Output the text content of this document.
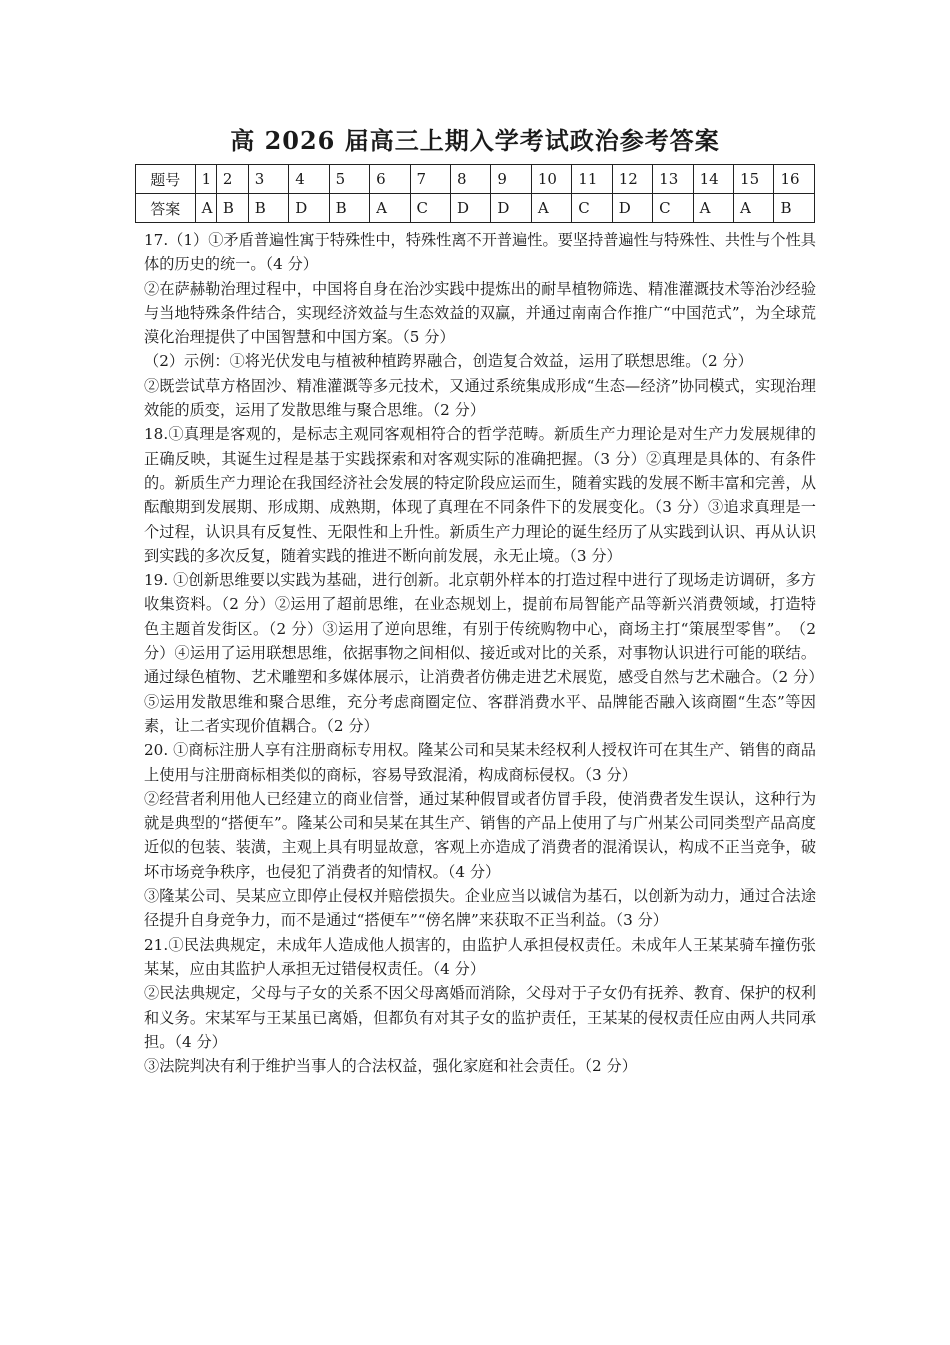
高 2026 届高三上期入学考试政治参考答案
题号	1	2	3	4	5	6	7	8	9	10	11	12	13	14	15	16
答案	A	B	B	D	B	A	C	D	D	A	C	D	C	A	A	B

17.（1）①矛盾普遍性寓于特殊性中，特殊性离不开普遍性。要坚持普遍性与特殊性、共性与个性具体的历史的统一。（4 分）

②在萨赫勒治理过程中，中国将自身在治沙实践中提炼出的耐旱植物筛选、精准灌溉技术等治沙经验与当地特殊条件结合，实现经济效益与生态效益的双赢，并通过南南合作推广“中国范式”，为全球荒漠化治理提供了中国智慧和中国方案。（5 分）

（2）示例：①将光伏发电与植被种植跨界融合，创造复合效益，运用了联想思维。（2 分）

②既尝试草方格固沙、精准灌溉等多元技术，又通过系统集成形成“生态—经济”协同模式，实现治理效能的质变，运用了发散思维与聚合思维。（2 分）

18.①真理是客观的，是标志主观同客观相符合的哲学范畴。新质生产力理论是对生产力发展规律的正确反映，其诞生过程是基于实践探索和对客观实际的准确把握。（3 分）②真理是具体的、有条件的。新质生产力理论在我国经济社会发展的特定阶段应运而生，随着实践的发展不断丰富和完善，从酝酿期到发展期、形成期、成熟期，体现了真理在不同条件下的发展变化。（3 分）③追求真理是一个过程，认识具有反复性、无限性和上升性。新质生产力理论的诞生经历了从实践到认识、再从认识到实践的多次反复，随着实践的推进不断向前发展，永无止境。（3 分）

19. ①创新思维要以实践为基础，进行创新。北京朝外样本的打造过程中进行了现场走访调研，多方收集资料。（2 分）②运用了超前思维，在业态规划上，提前布局智能产品等新兴消费领域，打造特色主题首发街区。（2 分）③运用了逆向思维，有别于传统购物中心，商场主打“策展型零售”。　（2 分）④运用了运用联想思维，依据事物之间相似、接近或对比的关系，对事物认识进行可能的联结。通过绿色植物、艺术雕塑和多媒体展示，让消费者仿佛走进艺术展览，感受自然与艺术融合。（2 分）⑤运用发散思维和聚合思维，充分考虑商圈定位、客群消费水平、品牌能否融入该商圈“生态”等因素，让二者实现价值耦合。（2 分）

20. ①商标注册人享有注册商标专用权。隆某公司和吴某未经权利人授权许可在其生产、销售的商品上使用与注册商标相类似的商标，容易导致混淆，构成商标侵权。（3 分）

②经营者利用他人已经建立的商业信誉，通过某种假冒或者仿冒手段，使消费者发生误认，这种行为就是典型的“搭便车”。隆某公司和吴某在其生产、销售的产品上使用了与广州某公司同类型产品高度近似的包装、装潢，主观上具有明显故意，客观上亦造成了消费者的混淆误认，构成不正当竞争，破坏市场竞争秩序，也侵犯了消费者的知情权。（4 分）

③隆某公司、吴某应立即停止侵权并赔偿损失。企业应当以诚信为基石，以创新为动力，通过合法途径提升自身竞争力，而不是通过“搭便车”“傍名牌”来获取不正当利益。（3 分）

21.①民法典规定，未成年人造成他人损害的，由监护人承担侵权责任。未成年人王某某骑车撞伤张某某，应由其监护人承担无过错侵权责任。（4 分）

②民法典规定，父母与子女的关系不因父母离婚而消除，父母对于子女仍有抚养、教育、保护的权利和义务。宋某军与王某虽已离婚，但都负有对其子女的监护责任，王某某的侵权责任应由两人共同承担。（4 分）

③法院判决有利于维护当事人的合法权益，强化家庭和社会责任。（2 分）
